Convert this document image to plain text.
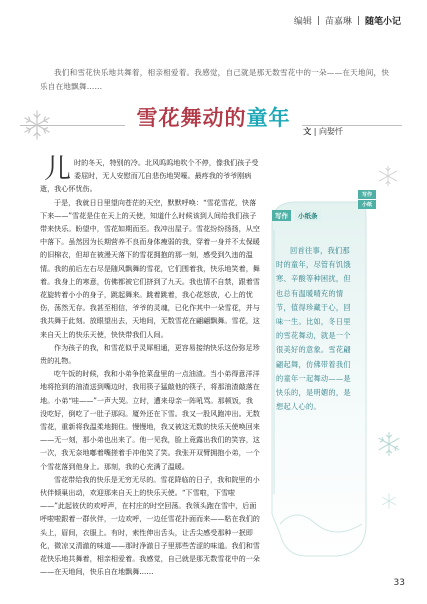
编辑 | 苗嘉琳 | 随笔小记
我们和雪花快乐地共舞着，相亲相爱着。我感觉，自己就是那无数雪花中的一朵——在天地间，快乐自在地飘舞……
雪花舞动的童年
文 | 向娶忏

儿时的冬天，特别的冷。北风呜呜地吹个不停，像我们孩子受委屈时，无人安慰而兀自悲伤地哭嚎。最疼我的爷爷刚病逝，我心怀忧伤。

于是，我就日日里望向苍茫的天空，默默呼唤：“雪花雪花，快落下来——”雪花是住在天上的天使，知道什么时候该到人间给我们孩子带来快乐。盼望中，雪花如期而至。我冲出屋子。雪花纷纷扬扬，从空中落下。虽然因为长期营养不良而身体瘦弱的我，穿着一身并不太保暖的旧棉衣，但却在被漫天落下的雪花拥抱的那一刻，感受到久违的温情。我的前后左右尽是随风飘舞的雪花，它们围着我，快乐地笑着，舞着。我身上的寒意，仿佛都被它们挤到了九天。我也情不自禁，跟着雪花旋转着小小的身子，跳起舞来。跳着跳着，我心花怒放，心上的忧伤，荡然无存。我甚至相信，爷爷的灵魂，已化作其中一朵雪花，并与我共舞于此刻。放眼望出去，天地间，无数雪花在翩翩飘舞。雪花，这来自天上的快乐天使，快快带我们人间。

作为孩子的我，和雪花似乎灵犀相通，更容易接纳快乐这份弥足珍贵的礼物。

吃午饭的时候，我和小弟争抢菜盘里的一点油渣。当小弟得意洋洋地将抢到的油渣送到嘴边时，我用筷子猛敲他的筷子，将那油渣敲落在地。小弟“哇——”一声大哭。立时，遭来母亲一阵吼骂。那顿饭，我没吃好，倒吃了一肚子那闷。厦外还在下雪。我又一股风跑冲出。无数雪花，重新将我温柔地拥住。慢慢地，我又被这无数的快乐天使唤回来——无一刻，那小弟也出来了。他一见我，脸上竟露出我们的笑容，这一次，我无奈地嘟着嘴搓着手冲他笑了笑。我张开双臂拥抱小弟，一个个雪花落到他身上。那刻，我的心充满了温暖。

雪花带给我的快乐是无穷无尽的。雪花降临的日子，我和院里的小伙伴倾巢出动，欢迎那来自天上的快乐天使。“下雪啦，下雪啦——”此起彼伏的欢呼声，在村庄的时空回荡。我领头跑在雪中，后面呼啦啦跟着一群伙伴，一边欢呼，一边任雪花扑面而来——粘在我们的头上，眉间，衣服上。有时，索性伸出舌头，让舌尖感受那种一抿即化，微凉又清澈的味道——那时净澈日子里那些苦涩的味道。我们和雪花快乐地共舞着，相亲相爱着。我感觉，自己就是那无数雪花中的一朵——在天地间，快乐自在地飘舞……

写作	小纸条
写作
小纸
回首往事，我们那时的童年，尽管有饥饿寒、辛酸等种困扰，但也总有温暖晴充的情节，值得珍藏于心，回味一生。比如，冬日里的雪花舞动，就是一个很美好的意象。雪花翩翩起舞，仿佛带着我们的童年一起舞动——是快乐的，是明媚的，是想起人心的。
33
